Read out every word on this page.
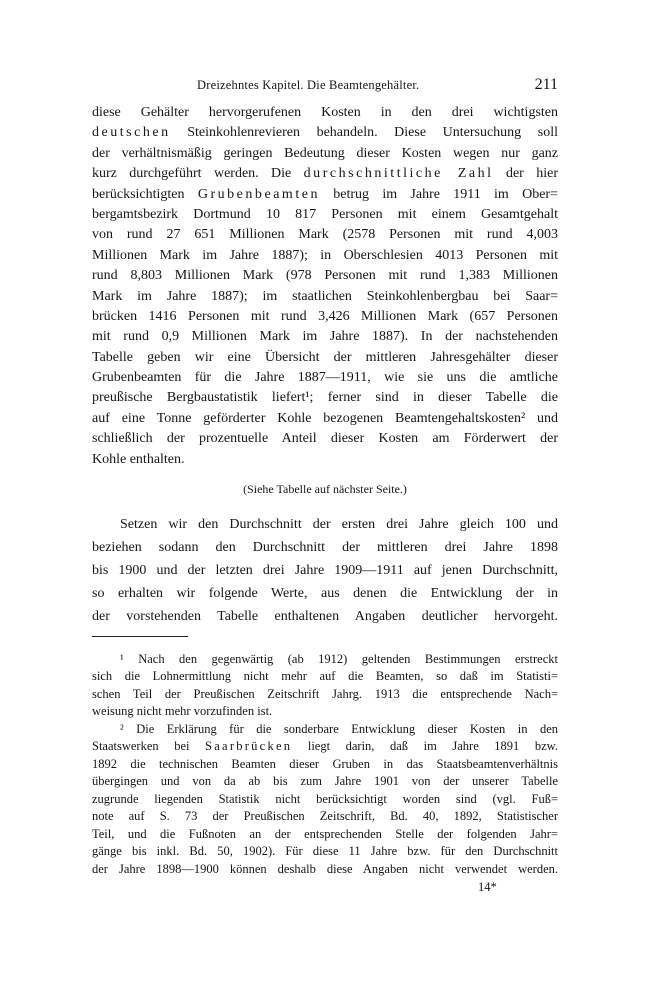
Dreizehntes Kapitel. Die Beamtengehälter.	211
diese Gehälter hervorgerufenen Kosten in den drei wichtigsten
deutschen Steinkohlenrevieren behandeln. Diese Untersuchung soll
der verhältnismäßig geringen Bedeutung dieser Kosten wegen nur ganz
kurz durchgeführt werden. Die durchschnittliche Zahl der hier
berücksichtigten Grubenbeamten betrug im Jahre 1911 im Ober=
bergamtsbezirk Dortmund 10 817 Personen mit einem Gesamtgehalt
von rund 27 651 Millionen Mark (2578 Personen mit rund 4,003
Millionen Mark im Jahre 1887); in Oberschlesien 4013 Personen mit
rund 8,803 Millionen Mark (978 Personen mit rund 1,383 Millionen
Mark im Jahre 1887); im staatlichen Steinkohlenbergbau bei Saar=
brücken 1416 Personen mit rund 3,426 Millionen Mark (657 Personen
mit rund 0,9 Millionen Mark im Jahre 1887). In der nachstehenden
Tabelle geben wir eine Übersicht der mittleren Jahresgehälter dieser
Grubenbeamten für die Jahre 1887—1911, wie sie uns die amtliche
preußische Bergbaustatistik liefert¹; ferner sind in dieser Tabelle die
auf eine Tonne geförderter Kohle bezogenen Beamtengehaltskosten² und
schließlich der prozentuelle Anteil dieser Kosten am Förderwert der
Kohle enthalten.
(Siehe Tabelle auf nächster Seite.)
Setzen wir den Durchschnitt der ersten drei Jahre gleich 100 und
beziehen sodann den Durchschnitt der mittleren drei Jahre 1898
bis 1900 und der letzten drei Jahre 1909—1911 auf jenen Durchschnitt,
so erhalten wir folgende Werte, aus denen die Entwicklung der in
der vorstehenden Tabelle enthaltenen Angaben deutlicher hervorgeht.
¹ Nach den gegenwärtig (ab 1912) geltenden Bestimmungen erstreckt
sich die Lohnermittlung nicht mehr auf die Beamten, so daß im Statisti=
schen Teil der Preußischen Zeitschrift Jahrg. 1913 die entsprechende Nach=
weisung nicht mehr vorzufinden ist.
² Die Erklärung für die sonderbare Entwicklung dieser Kosten in den
Staatswerken bei Saarbrücken liegt darin, daß im Jahre 1891 bzw.
1892 die technischen Beamten dieser Gruben in das Staatsbeamtenverhältnis
übergingen und von da ab bis zum Jahre 1901 von der unserer Tabelle
zugrunde liegenden Statistik nicht berücksichtigt worden sind (vgl. Fuß=
note auf S. 73 der Preußischen Zeitschrift, Bd. 40, 1892, Statistischer
Teil, und die Fußnoten an der entsprechenden Stelle der folgenden Jahr=
gänge bis inkl. Bd. 50, 1902). Für diese 11 Jahre bzw. für den Durchschnitt
der Jahre 1898—1900 können deshalb diese Angaben nicht verwendet werden.
14*
